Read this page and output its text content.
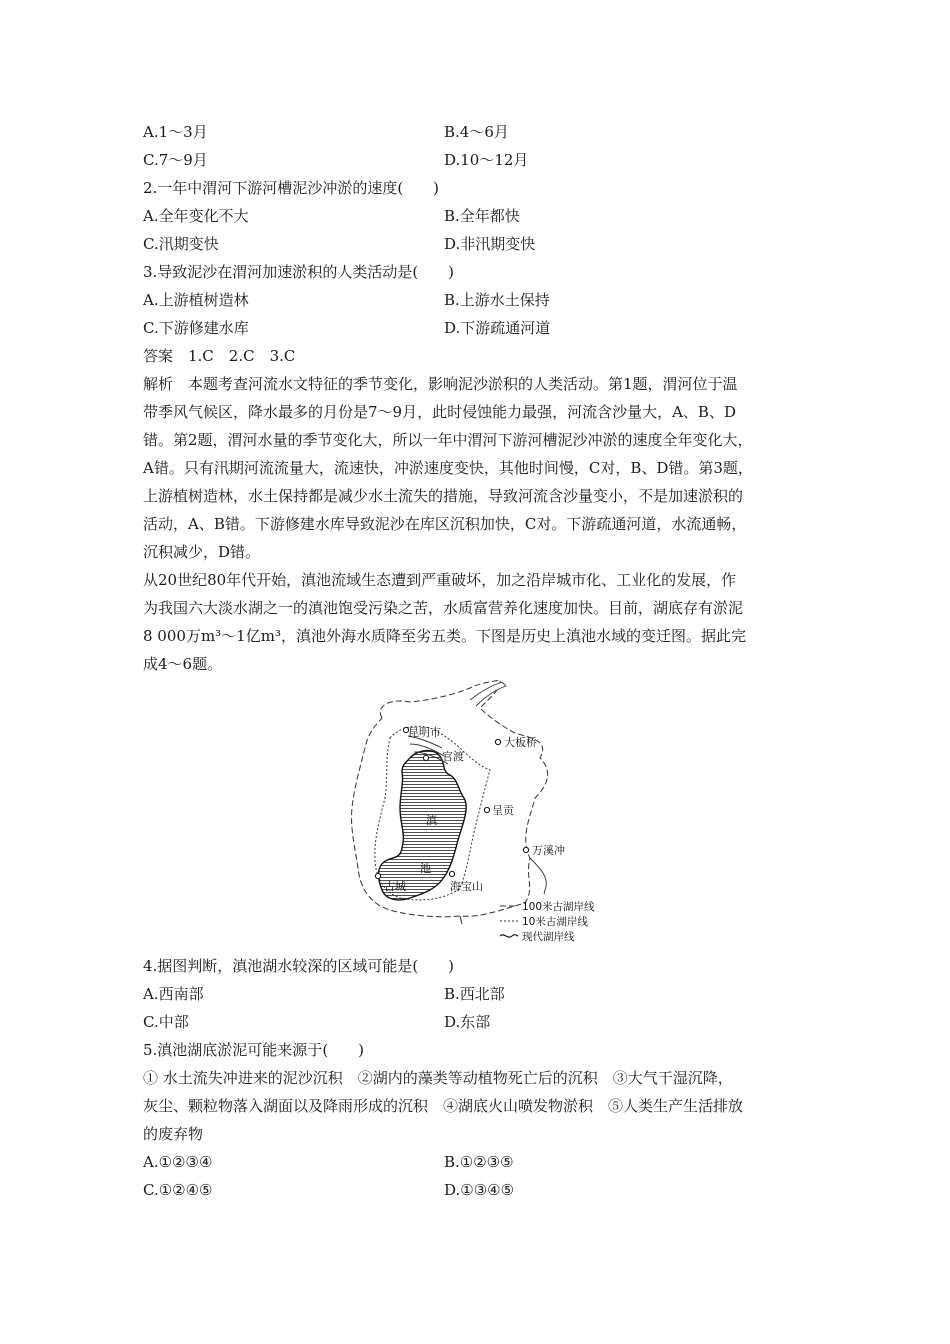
A.1～3月	B.4～6月
C.7～9月	D.10～12月
2.一年中渭河下游河槽泥沙冲淤的速度(　　)
A.全年变化不大	B.全年都快
C.汛期变快	D.非汛期变快
3.导致泥沙在渭河加速淤积的人类活动是(　　)
A.上游植树造林	B.上游水土保持
C.下游修建水库	D.下游疏通河道
答案　1.C　2.C　3.C
解析　本题考查河流水文特征的季节变化，影响泥沙淤积的人类活动。第1题，渭河位于温
带季风气候区，降水最多的月份是7～9月，此时侵蚀能力最强，河流含沙量大，A、B、D
错。第2题，渭河水量的季节变化大，所以一年中渭河下游河槽泥沙冲淤的速度全年变化大，
A错。只有汛期河流流量大，流速快，冲淤速度变快，其他时间慢，C对，B、D错。第3题，
上游植树造林，水土保持都是减少水土流失的措施，导致河流含沙量变小，不是加速淤积的
活动，A、B错。下游修建水库导致泥沙在库区沉积加快，C对。下游疏通河道，水流通畅，
沉积减少，D错。
从20世纪80年代开始，滇池流域生态遭到严重破坏，加之沿岸城市化、工业化的发展，作
为我国六大淡水湖之一的滇池饱受污染之苦，水质富营养化速度加快。目前，湖底存有淤泥
8 000万m³～1亿m³，滇池外海水质降至劣五类。下图是历史上滇池水域的变迁图。据此完
成4～6题。
昆明市
官渡
大板桥
呈贡
万溪冲
海宝山
滇
池
古城
100米古湖岸线
10米古湖岸线
现代湖岸线
4.据图判断，滇池湖水较深的区域可能是(　　)
A.西南部	B.西北部
C.中部	D.东部
5.滇池湖底淤泥可能来源于(　　)
① 水土流失冲进来的泥沙沉积　②湖内的藻类等动植物死亡后的沉积　③大气干湿沉降，
灰尘、颗粒物落入湖面以及降雨形成的沉积　④湖底火山喷发物淤积　⑤人类生产生活排放
的废弃物
A.①②③④	B.①②③⑤
C.①②④⑤	D.①③④⑤
